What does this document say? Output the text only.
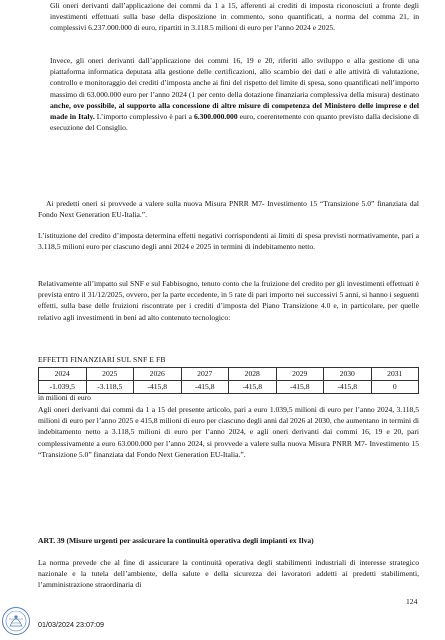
Gli oneri derivanti dall’applicazione dei commi da 1 a 15, afferenti ai crediti di imposta riconosciuti a fronte degli investimenti effettuati sulla base della disposizione in commento, sono quantificati, a norma del comma 21, in complessivi 6.237.000.000 di euro, ripartiti in 3.118.5 milioni di euro per l’anno 2024 e 2025.

Invece, gli oneri derivanti dall’applicazione dei commi 16, 19 e 20, riferiti allo sviluppo e alla gestione di una piattaforma informatica deputata alla gestione delle certificazioni, allo scambio dei dati e alle attività di valutazione, controllo e monitoraggio dei crediti d’imposta anche ai fini del rispetto del limite di spesa, sono quantificati nell’importo massimo di 63.000.000 euro per l’anno 2024 (1 per cento della dotazione finanziaria complessiva della misura) destinato anche, ove possibile, al supporto alla concessione di altre misure di competenza del Ministero delle imprese e del made in Italy. L’importo complessivo è pari a 6.300.000.000 euro, coerentemente con quanto previsto dalla decisione di esecuzione del Consiglio.

Ai predetti oneri si provvede a valere sulla nuova Misura PNRR M7- Investimento 15 “Transizione 5.0” finanziata dal Fondo Next Generation EU-Italia.”.

L’istituzione del credito d’imposta determina effetti negativi corrispondenti ai limiti di spesa previsti normativamente, pari a 3.118,5 milioni euro per ciascuno degli anni 2024 e 2025 in termini di indebitamento netto.

Relativamente all’impatto sul SNF e sul Fabbisogno, tenuto conto che la fruizione del credito per gli investimenti effettuati è prevista entro il 31/12/2025, ovvero, per la parte eccedente, in 5 rate di pari importo nei successivi 5 anni, si hanno i seguenti effetti, sulla base delle fruizioni riscontrate per i crediti d’imposta del Piano Transizione 4.0 e, in particolare, per quelle relativo agli investimenti in beni ad alto contenuto tecnologico:

EFFETTI FINANZIARI SUL SNF E FB

2024	2025	2026	2027	2028	2029	2030	2031
-1.039,5	-3.118,5	-415,8	-415,8	-415,8	-415,8	-415,8	0

in milioni di euro

Agli oneri derivanti dai commi da 1 a 15 del presente articolo, pari a euro 1.039,5 milioni di euro per l’anno 2024, 3.118,5 milioni di euro per l’anno 2025 e 415,8 milioni di euro per ciascuno degli anni dal 2026 al 2030, che aumentano in termini di indebitamento netto a 3.118,5 milioni di euro per l’anno 2024, e agli oneri derivanti dai commi 16, 19 e 20, pari complessivamente a euro 63.000.000 per l’anno 2024, si provvede a valere sulla nuova Misura PNRR M7- Investimento 15 “Transizione 5.0” finanziata dal Fondo Next Generation EU-Italia.”.

ART. 39 (Misure urgenti per assicurare la continuità operativa degli impianti ex Ilva)

La norma prevede che al fine di assicurare la continuità operativa degli stabilimenti industriali di interesse strategico nazionale e la tutela dell’ambiente, della salute e della sicurezza dei lavoratori addetti ai predetti stabilimenti, l’amministrazione straordinaria di

124

01/03/2024 23:07:09
